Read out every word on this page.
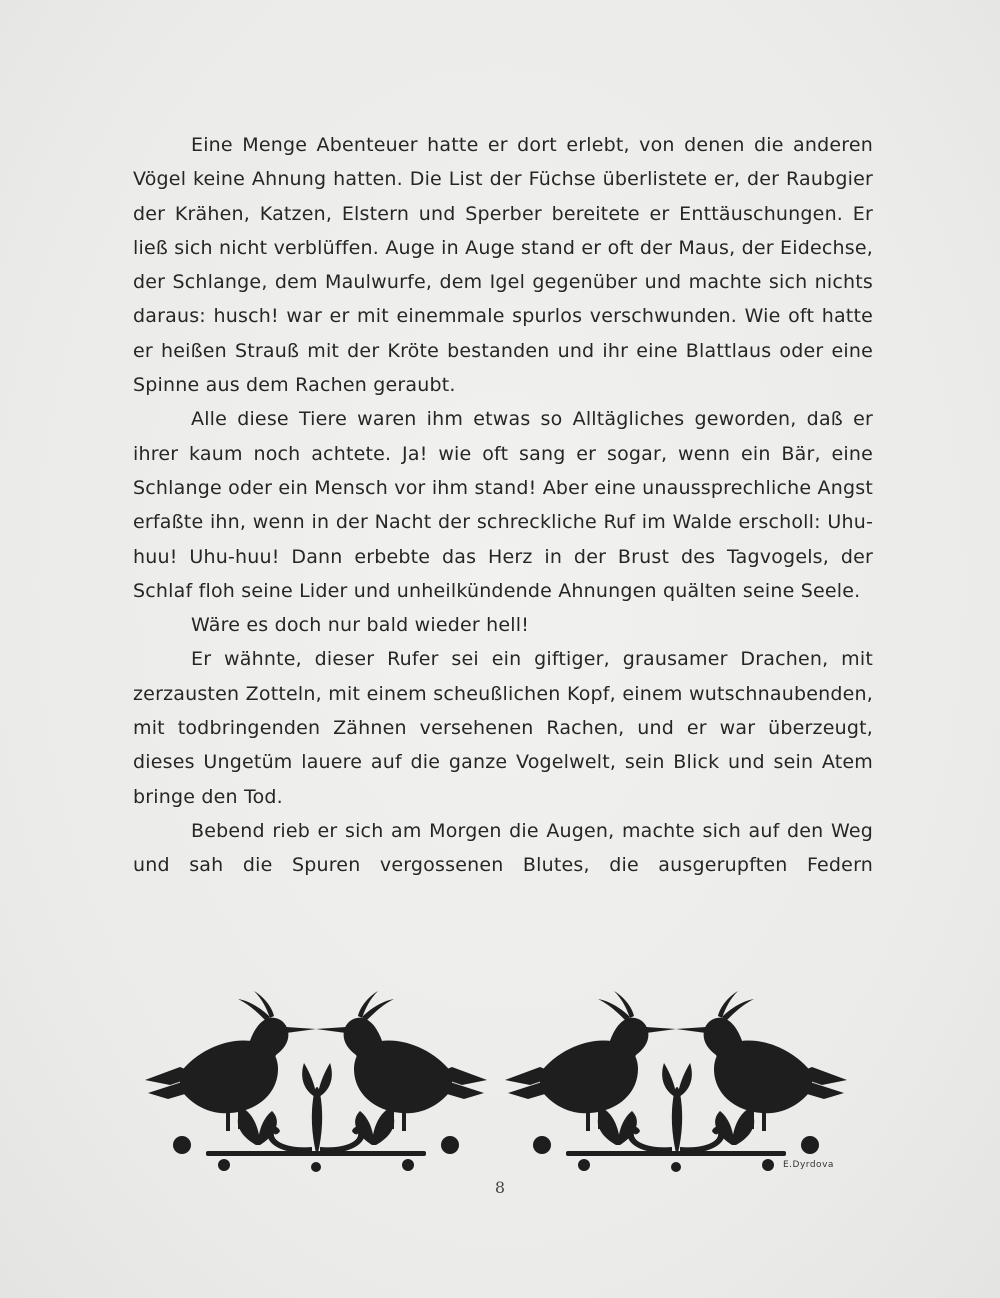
Eine Menge Abenteuer hatte er dort erlebt, von denen die anderen Vögel keine Ahnung hatten. Die List der Füchse überlistete er, der Raubgier der Krähen, Katzen, Elstern und Sperber bereitete er Enttäuschungen. Er ließ sich nicht verblüffen. Auge in Auge stand er oft der Maus, der Eidechse, der Schlange, dem Maulwurfe, dem Igel gegenüber und machte sich nichts daraus: husch! war er mit einemmale spurlos verschwunden. Wie oft hatte er heißen Strauß mit der Kröte bestanden und ihr eine Blattlaus oder eine Spinne aus dem Rachen geraubt.

Alle diese Tiere waren ihm etwas so Alltägliches geworden, daß er ihrer kaum noch achtete. Ja! wie oft sang er sogar, wenn ein Bär, eine Schlange oder ein Mensch vor ihm stand! Aber eine unaussprechliche Angst erfaßte ihn, wenn in der Nacht der schreckliche Ruf im Walde erscholl: Uhu-huu! Uhu-huu! Dann erbebte das Herz in der Brust des Tagvogels, der Schlaf floh seine Lider und unheilkündende Ahnungen quälten seine Seele.

Wäre es doch nur bald wieder hell!

Er wähnte, dieser Rufer sei ein giftiger, grausamer Drachen, mit zerzausten Zotteln, mit einem scheußlichen Kopf, einem wutschnaubenden, mit todbringenden Zähnen versehenen Rachen, und er war überzeugt, dieses Ungetüm lauere auf die ganze Vogelwelt, sein Blick und sein Atem bringe den Tod.

Bebend rieb er sich am Morgen die Augen, machte sich auf den Weg und sah die Spuren vergossenen Blutes, die ausgerupften Federn

E.Dyrdova
8
